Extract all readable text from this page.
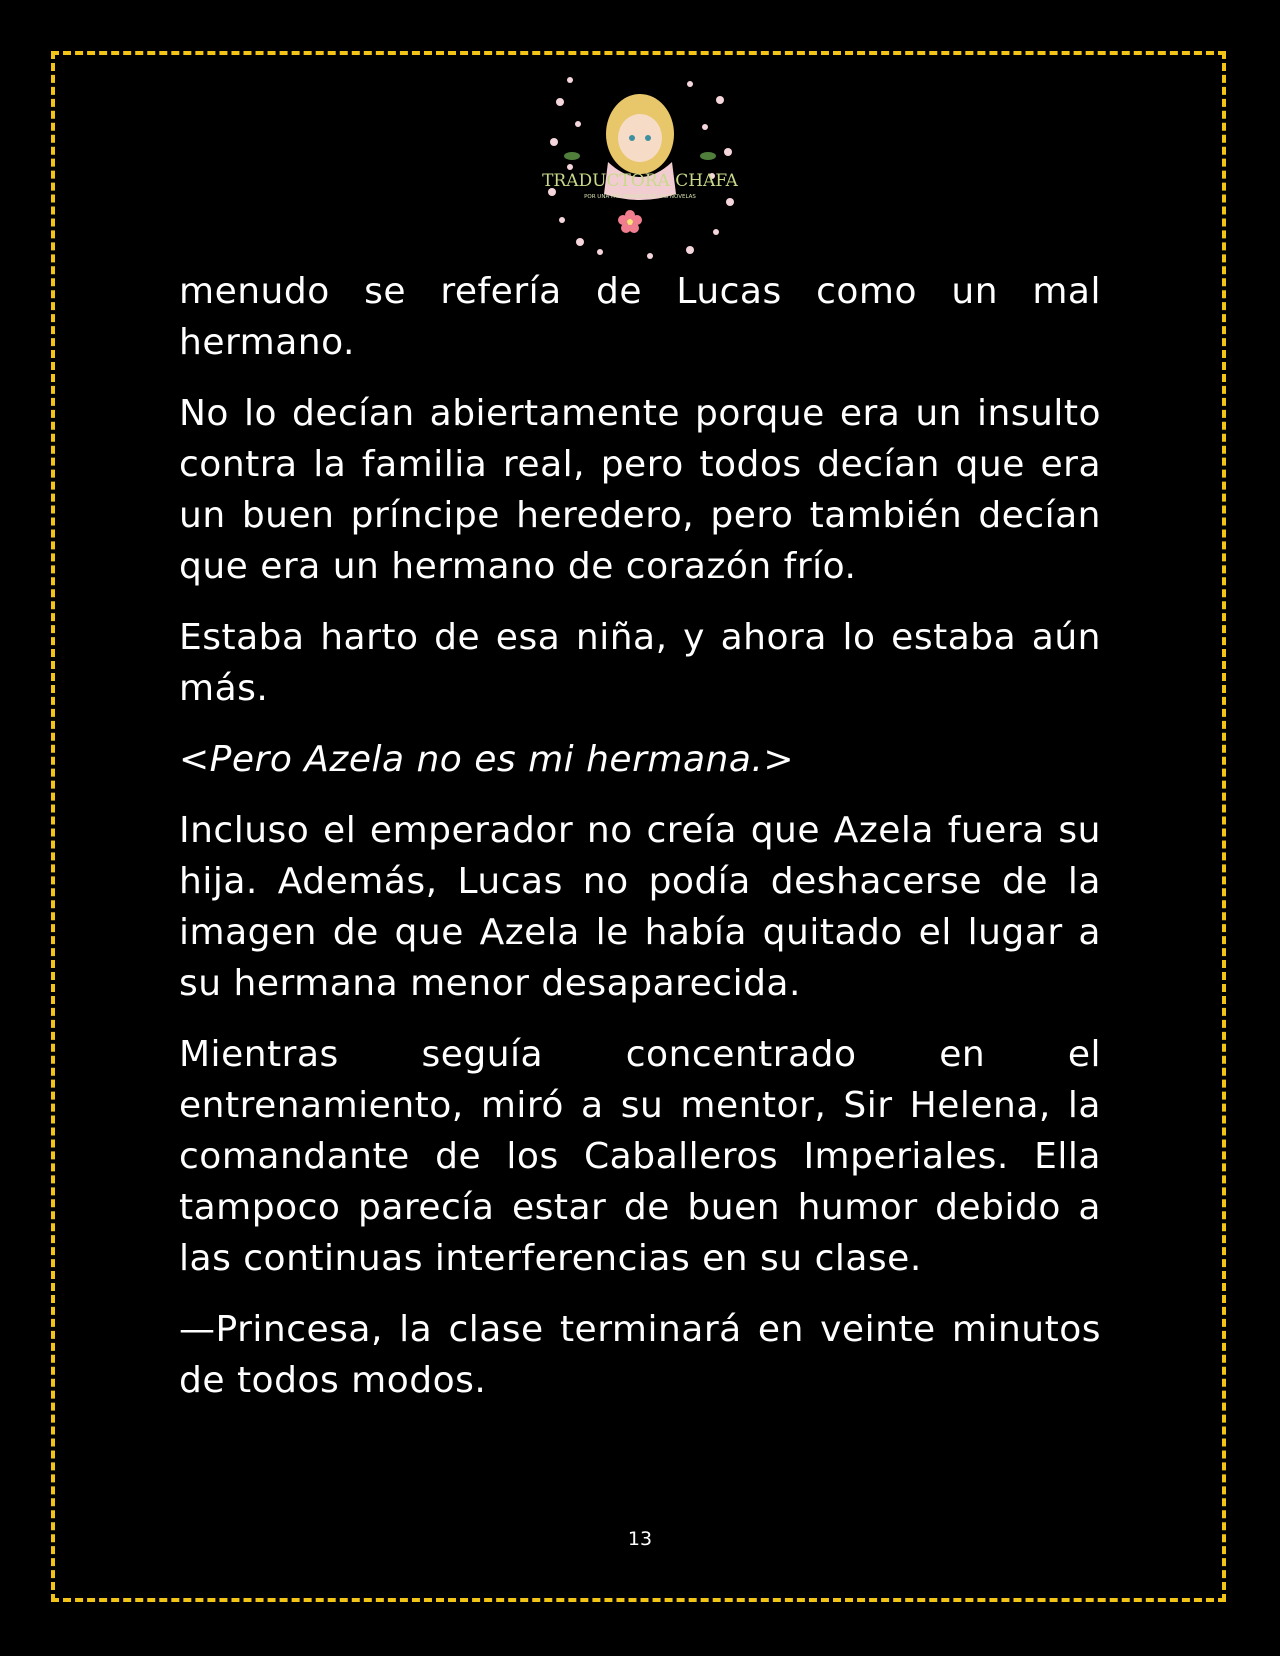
TRADUCTORA CHAFA
POR UNA FAN AMANTE DE LAS NOVELAS

menudo se refería de Lucas como un mal hermano.

No lo decían abiertamente porque era un insulto contra la familia real, pero todos decían que era un buen príncipe heredero, pero también decían que era un hermano de corazón frío.

Estaba harto de esa niña, y ahora lo estaba aún más.

<Pero Azela no es mi hermana.>

Incluso el emperador no creía que Azela fuera su hija. Además, Lucas no podía deshacerse de la imagen de que Azela le había quitado el lugar a su hermana menor desaparecida.

Mientras seguía concentrado en el entrenamiento, miró a su mentor, Sir Helena, la comandante de los Caballeros Imperiales. Ella tampoco parecía estar de buen humor debido a las continuas interferencias en su clase.

—Princesa, la clase terminará en veinte minutos de todos modos.

13
